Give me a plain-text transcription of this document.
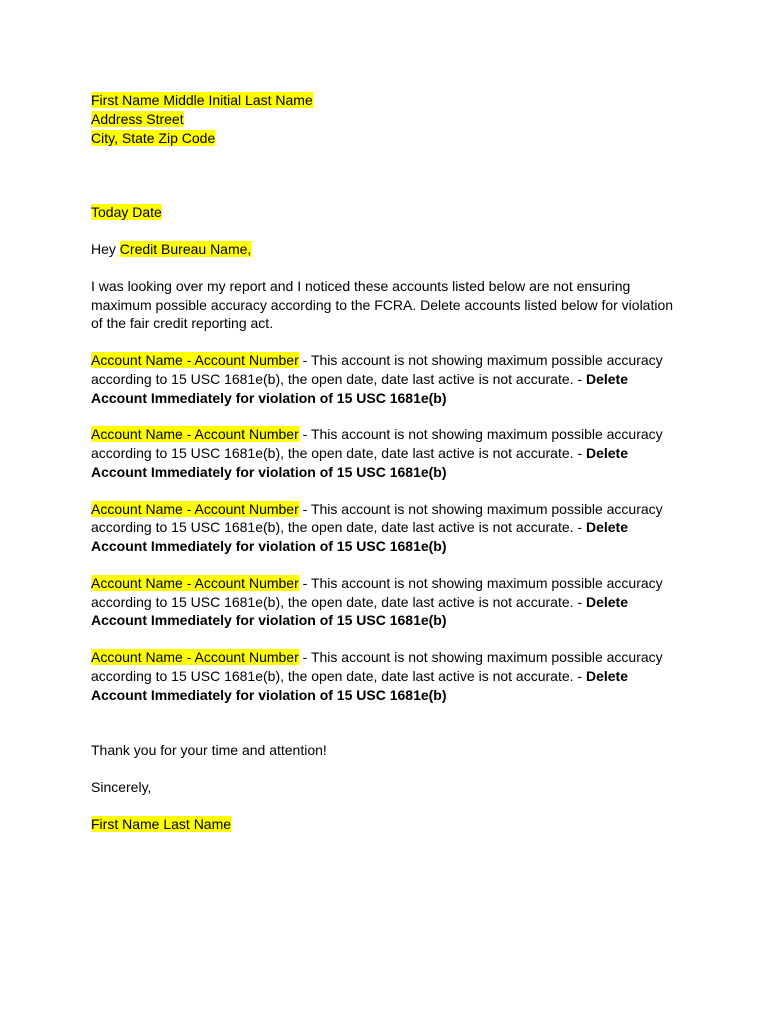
First Name Middle Initial Last Name
Address Street
City, State Zip Code

Today Date

Hey Credit Bureau Name,

I was looking over my report and I noticed these accounts listed below are not ensuring
maximum possible accuracy according to the FCRA. Delete accounts listed below for violation
of the fair credit reporting act.

Account Name - Account Number - This account is not showing maximum possible accuracy
according to 15 USC 1681e(b), the open date, date last active is not accurate. - Delete
Account Immediately for violation of 15 USC 1681e(b)

Account Name - Account Number - This account is not showing maximum possible accuracy
according to 15 USC 1681e(b), the open date, date last active is not accurate. - Delete
Account Immediately for violation of 15 USC 1681e(b)

Account Name - Account Number - This account is not showing maximum possible accuracy
according to 15 USC 1681e(b), the open date, date last active is not accurate. - Delete
Account Immediately for violation of 15 USC 1681e(b)

Account Name - Account Number - This account is not showing maximum possible accuracy
according to 15 USC 1681e(b), the open date, date last active is not accurate. - Delete
Account Immediately for violation of 15 USC 1681e(b)

Account Name - Account Number - This account is not showing maximum possible accuracy
according to 15 USC 1681e(b), the open date, date last active is not accurate. - Delete
Account Immediately for violation of 15 USC 1681e(b)

Thank you for your time and attention!

Sincerely,

First Name Last Name
